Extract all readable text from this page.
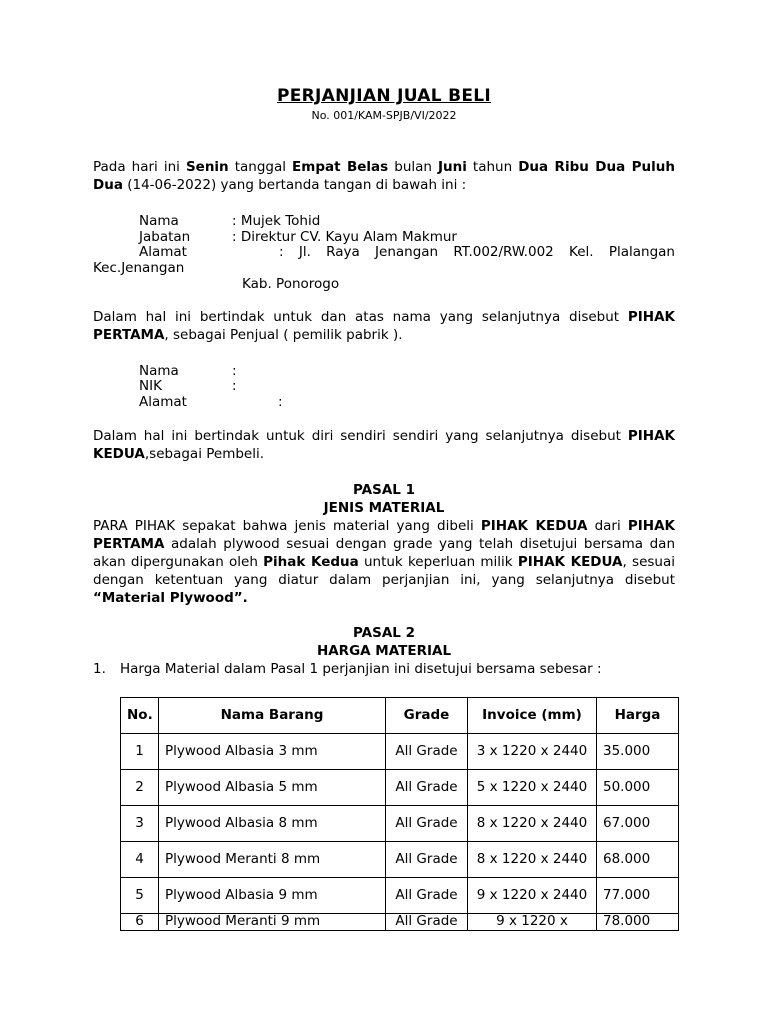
PERJANJIAN JUAL BELI
No. 001/KAM-SPJB/VI/2022

Pada hari ini Senin tanggal Empat Belas bulan Juni tahun Dua Ribu Dua Puluh Dua (14-06-2022) yang bertanda tangan di bawah ini :

Nama	: Mujek Tohid
Jabatan	: Direktur CV. Kayu Alam Makmur
Alamat	: Jl. Raya Jenangan RT.002/RW.002 Kel. Plalangan
Kec.Jenangan
Kab. Ponorogo

Dalam hal ini bertindak untuk dan atas nama yang selanjutnya disebut PIHAK PERTAMA, sebagai Penjual ( pemilik pabrik ).

Nama	:
NIK	:
Alamat	:

Dalam hal ini bertindak untuk diri sendiri sendiri yang selanjutnya disebut PIHAK KEDUA,sebagai Pembeli.

PASAL 1
JENIS MATERIAL

PARA PIHAK sepakat bahwa jenis material yang dibeli PIHAK KEDUA dari PIHAK PERTAMA adalah plywood sesuai dengan grade yang telah disetujui bersama dan akan dipergunakan oleh Pihak Kedua untuk keperluan milik PIHAK KEDUA, sesuai dengan ketentuan yang diatur dalam perjanjian ini, yang selanjutnya disebut “Material Plywood”.

PASAL 2
HARGA MATERIAL
1. Harga Material dalam Pasal 1 perjanjian ini disetujui bersama sebesar :
No.	Nama Barang	Grade	Invoice (mm)	Harga
1	Plywood Albasia 3 mm	All Grade	3 x 1220 x 2440	35.000
2	Plywood Albasia 5 mm	All Grade	5 x 1220 x 2440	50.000
3	Plywood Albasia 8 mm	All Grade	8 x 1220 x 2440	67.000
4	Plywood Meranti 8 mm	All Grade	8 x 1220 x 2440	68.000
5	Plywood Albasia 9 mm	All Grade	9 x 1220 x 2440	77.000
6	Plywood Meranti 9 mm	All Grade	9 x 1220 x	78.000
